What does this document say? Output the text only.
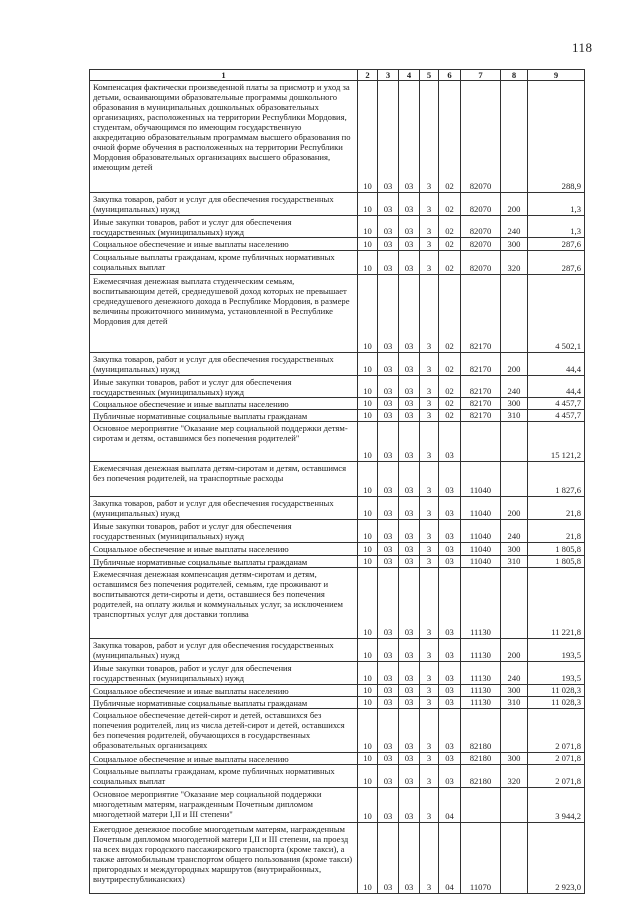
118
1	2	3	4	5	6	7	8	9
Компенсация фактически произведенной платы за присмотр и уход за детьми, осваивающими образовательные программы дошкольного образования в муниципальных дошкольных образовательных организациях, расположенных на территории Республики Мордовия, студентам, обучающимся по имеющим государственную аккредитацию образовательным программам высшего образования по очной форме обучения в расположенных на территории Республики Мордовия образовательных организациях высшего образования, имеющим детей	10	03	03	3	02	82070		288,9
Закупка товаров, работ и услуг для обеспечения государственных (муниципальных) нужд	10	03	03	3	02	82070	200	1,3
Иные закупки товаров, работ и услуг для обеспечения государственных (муниципальных) нужд	10	03	03	3	02	82070	240	1,3
Социальное обеспечение и иные выплаты населению	10	03	03	3	02	82070	300	287,6
Социальные выплаты гражданам, кроме публичных нормативных социальных выплат	10	03	03	3	02	82070	320	287,6
Ежемесячная денежная выплата студенческим семьям, воспитывающим детей, среднедушевой доход которых не превышает среднедушевого денежного дохода в Республике Мордовия, в размере величины прожиточного минимума, установленной в Республике Мордовия для детей	10	03	03	3	02	82170		4 502,1
Закупка товаров, работ и услуг для обеспечения государственных (муниципальных) нужд	10	03	03	3	02	82170	200	44,4
Иные закупки товаров, работ и услуг для обеспечения государственных (муниципальных) нужд	10	03	03	3	02	82170	240	44,4
Социальное обеспечение и иные выплаты населению	10	03	03	3	02	82170	300	4 457,7
Публичные нормативные социальные выплаты гражданам	10	03	03	3	02	82170	310	4 457,7
Основное мероприятие "Оказание мер социальной поддержки детям-сиротам и детям, оставшимся без попечения родителей"	10	03	03	3	03			15 121,2
Ежемесячная денежная выплата детям-сиротам и детям, оставшимся без попечения родителей, на транспортные расходы	10	03	03	3	03	11040		1 827,6
Закупка товаров, работ и услуг для обеспечения государственных (муниципальных) нужд	10	03	03	3	03	11040	200	21,8
Иные закупки товаров, работ и услуг для обеспечения государственных (муниципальных) нужд	10	03	03	3	03	11040	240	21,8
Социальное обеспечение и иные выплаты населению	10	03	03	3	03	11040	300	1 805,8
Публичные нормативные социальные выплаты гражданам	10	03	03	3	03	11040	310	1 805,8
Ежемесячная денежная компенсация детям-сиротам и детям, оставшимся без попечения родителей, семьям, где проживают и воспитываются дети-сироты и дети, оставшиеся без попечения родителей, на оплату жилья и коммунальных услуг, за исключением транспортных услуг для доставки топлива	10	03	03	3	03	11130		11 221,8
Закупка товаров, работ и услуг для обеспечения государственных (муниципальных) нужд	10	03	03	3	03	11130	200	193,5
Иные закупки товаров, работ и услуг для обеспечения государственных (муниципальных) нужд	10	03	03	3	03	11130	240	193,5
Социальное обеспечение и иные выплаты населению	10	03	03	3	03	11130	300	11 028,3
Публичные нормативные социальные выплаты гражданам	10	03	03	3	03	11130	310	11 028,3
Социальное обеспечение детей-сирот и детей, оставшихся без попечения родителей, лиц из числа детей-сирот и детей, оставшихся без попечения родителей, обучающихся в государственных образовательных организациях	10	03	03	3	03	82180		2 071,8
Социальное обеспечение и иные выплаты населению	10	03	03	3	03	82180	300	2 071,8
Социальные выплаты гражданам, кроме публичных нормативных социальных выплат	10	03	03	3	03	82180	320	2 071,8
Основное мероприятие "Оказание мер социальной поддержки многодетным матерям, награжденным Почетным дипломом многодетной матери I,II и III степени"	10	03	03	3	04			3 944,2
Ежегодное денежное пособие многодетным матерям, награжденным Почетным дипломом многодетной матери I,II и III степени, на проезд на всех видах городского пассажирского транспорта (кроме такси), а также автомобильным транспортом общего пользования (кроме такси) пригородных и междугородных маршрутов (внутрирайонных, внутриреспубликанских)	10	03	03	3	04	11070		2 923,0
